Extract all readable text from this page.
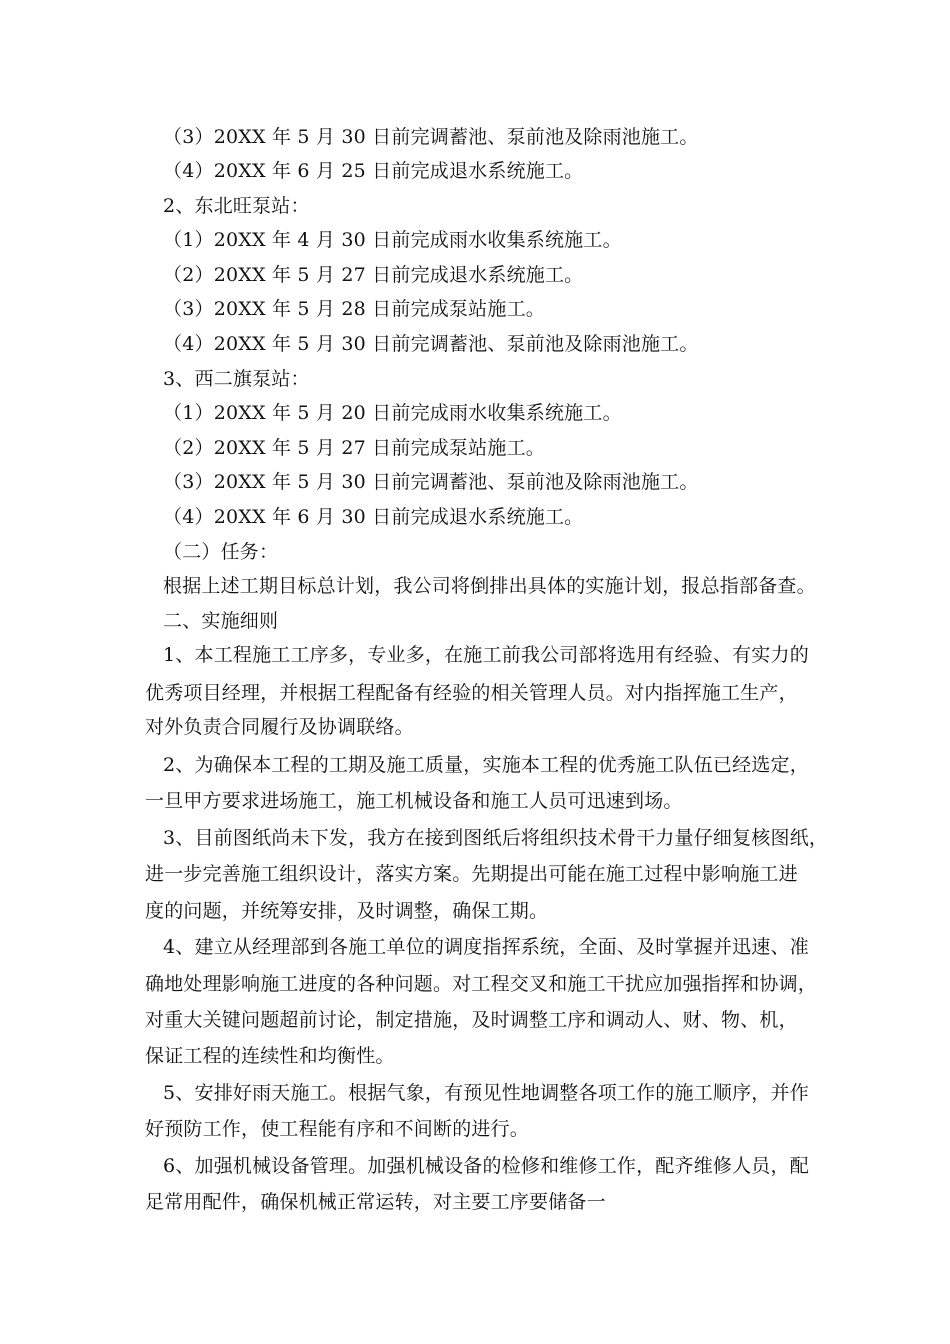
（3）20XX 年 5 月 30 日前完调蓄池、泵前池及除雨池施工。
（4）20XX 年 6 月 25 日前完成退水系统施工。
2、东北旺泵站：
（1）20XX 年 4 月 30 日前完成雨水收集系统施工。
（2）20XX 年 5 月 27 日前完成退水系统施工。
（3）20XX 年 5 月 28 日前完成泵站施工。
（4）20XX 年 5 月 30 日前完调蓄池、泵前池及除雨池施工。
3、西二旗泵站：
（1）20XX 年 5 月 20 日前完成雨水收集系统施工。
（2）20XX 年 5 月 27 日前完成泵站施工。
（3）20XX 年 5 月 30 日前完调蓄池、泵前池及除雨池施工。
（4）20XX 年 6 月 30 日前完成退水系统施工。
（二）任务：
根据上述工期目标总计划，我公司将倒排出具体的实施计划，报总指部备查。
二、实施细则
1、本工程施工工序多，专业多，在施工前我公司部将选用有经验、有实力的
优秀项目经理，并根据工程配备有经验的相关管理人员。对内指挥施工生产，
对外负责合同履行及协调联络。
2、为确保本工程的工期及施工质量，实施本工程的优秀施工队伍已经选定，
一旦甲方要求进场施工，施工机械设备和施工人员可迅速到场。
3、目前图纸尚未下发，我方在接到图纸后将组织技术骨干力量仔细复核图纸，
进一步完善施工组织设计，落实方案。先期提出可能在施工过程中影响施工进
度的问题，并统筹安排，及时调整，确保工期。
4、建立从经理部到各施工单位的调度指挥系统，全面、及时掌握并迅速、准
确地处理影响施工进度的各种问题。对工程交叉和施工干扰应加强指挥和协调，
对重大关键问题超前讨论，制定措施，及时调整工序和调动人、财、物、机，
保证工程的连续性和均衡性。
5、安排好雨天施工。根据气象，有预见性地调整各项工作的施工顺序，并作
好预防工作，使工程能有序和不间断的进行。
6、加强机械设备管理。加强机械设备的检修和维修工作，配齐维修人员，配
足常用配件，确保机械正常运转，对主要工序要储备一
